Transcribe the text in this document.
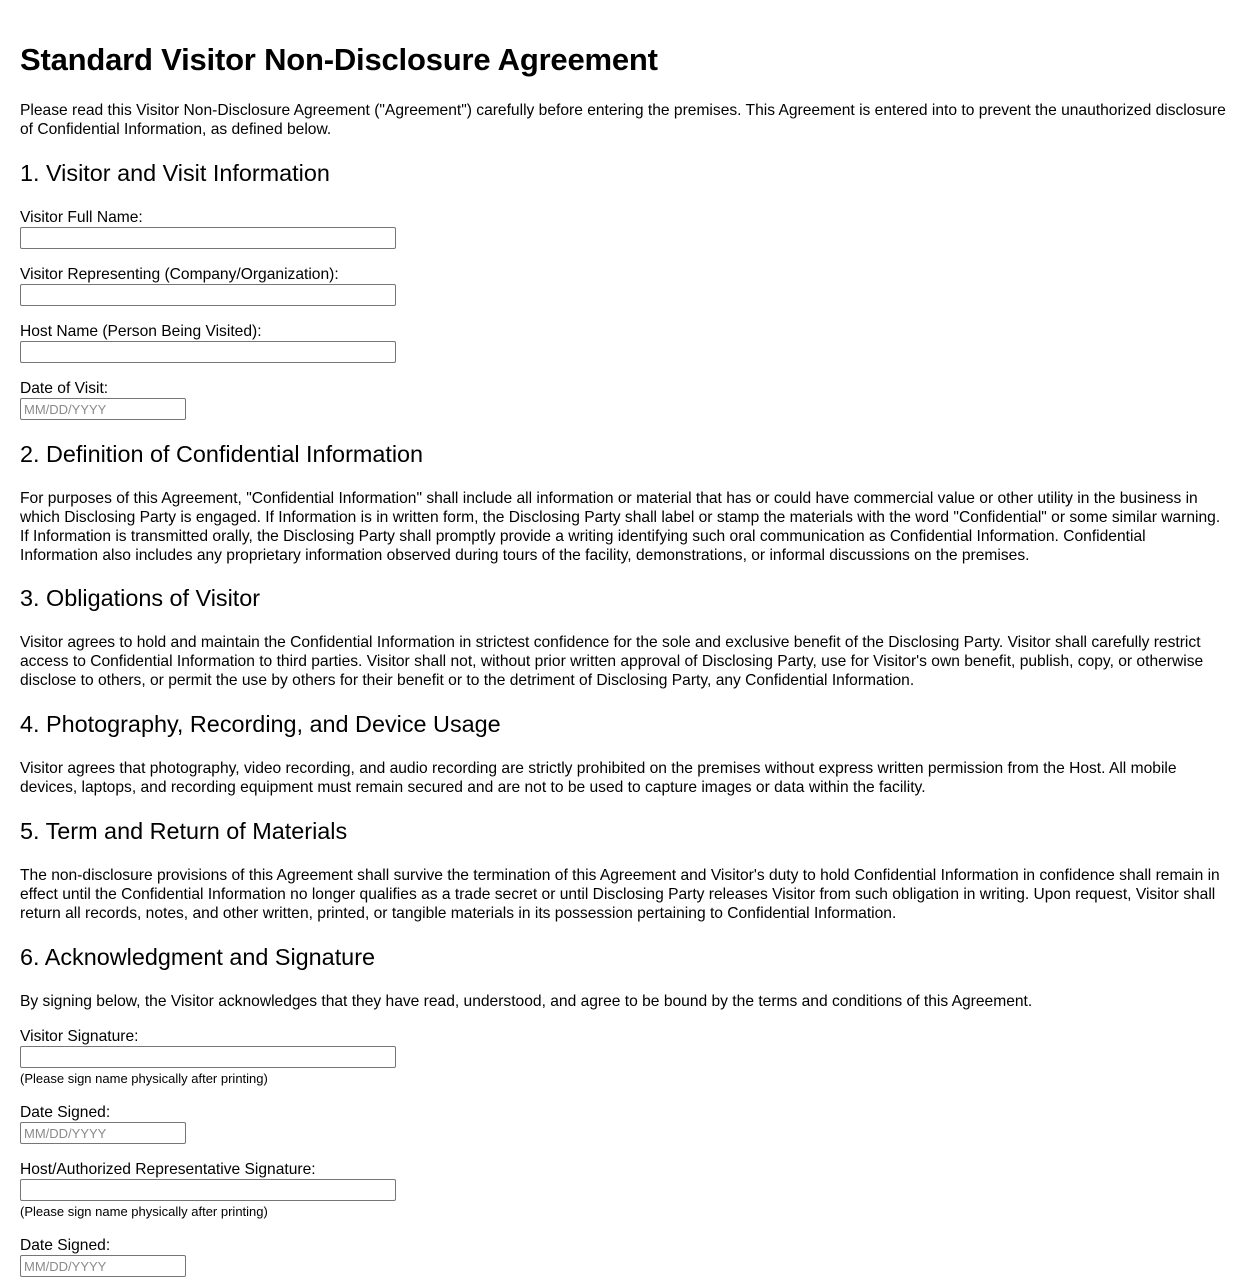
Standard Visitor Non-Disclosure Agreement

Please read this Visitor Non-Disclosure Agreement ("Agreement") carefully before entering the premises. This Agreement is entered into to prevent the unauthorized disclosure of Confidential Information, as defined below.

1. Visitor and Visit Information
Visitor Full Name:
Visitor Representing (Company/Organization):
Host Name (Person Being Visited):
Date of Visit:
MM/DD/YYYY
2. Definition of Confidential Information

For purposes of this Agreement, "Confidential Information" shall include all information or material that has or could have commercial value or other utility in the business in which Disclosing Party is engaged. If Information is in written form, the Disclosing Party shall label or stamp the materials with the word "Confidential" or some similar warning. If Information is transmitted orally, the Disclosing Party shall promptly provide a writing identifying such oral communication as Confidential Information. Confidential Information also includes any proprietary information observed during tours of the facility, demonstrations, or informal discussions on the premises.

3. Obligations of Visitor

Visitor agrees to hold and maintain the Confidential Information in strictest confidence for the sole and exclusive benefit of the Disclosing Party. Visitor shall carefully restrict access to Confidential Information to third parties. Visitor shall not, without prior written approval of Disclosing Party, use for Visitor's own benefit, publish, copy, or otherwise disclose to others, or permit the use by others for their benefit or to the detriment of Disclosing Party, any Confidential Information.

4. Photography, Recording, and Device Usage

Visitor agrees that photography, video recording, and audio recording are strictly prohibited on the premises without express written permission from the Host. All mobile devices, laptops, and recording equipment must remain secured and are not to be used to capture images or data within the facility.

5. Term and Return of Materials

The non-disclosure provisions of this Agreement shall survive the termination of this Agreement and Visitor's duty to hold Confidential Information in confidence shall remain in effect until the Confidential Information no longer qualifies as a trade secret or until Disclosing Party releases Visitor from such obligation in writing. Upon request, Visitor shall return all records, notes, and other written, printed, or tangible materials in its possession pertaining to Confidential Information.

6. Acknowledgment and Signature

By signing below, the Visitor acknowledges that they have read, understood, and agree to be bound by the terms and conditions of this Agreement.

Visitor Signature:
(Please sign name physically after printing)
Date Signed:
MM/DD/YYYY
Host/Authorized Representative Signature:
(Please sign name physically after printing)
Date Signed:
MM/DD/YYYY
